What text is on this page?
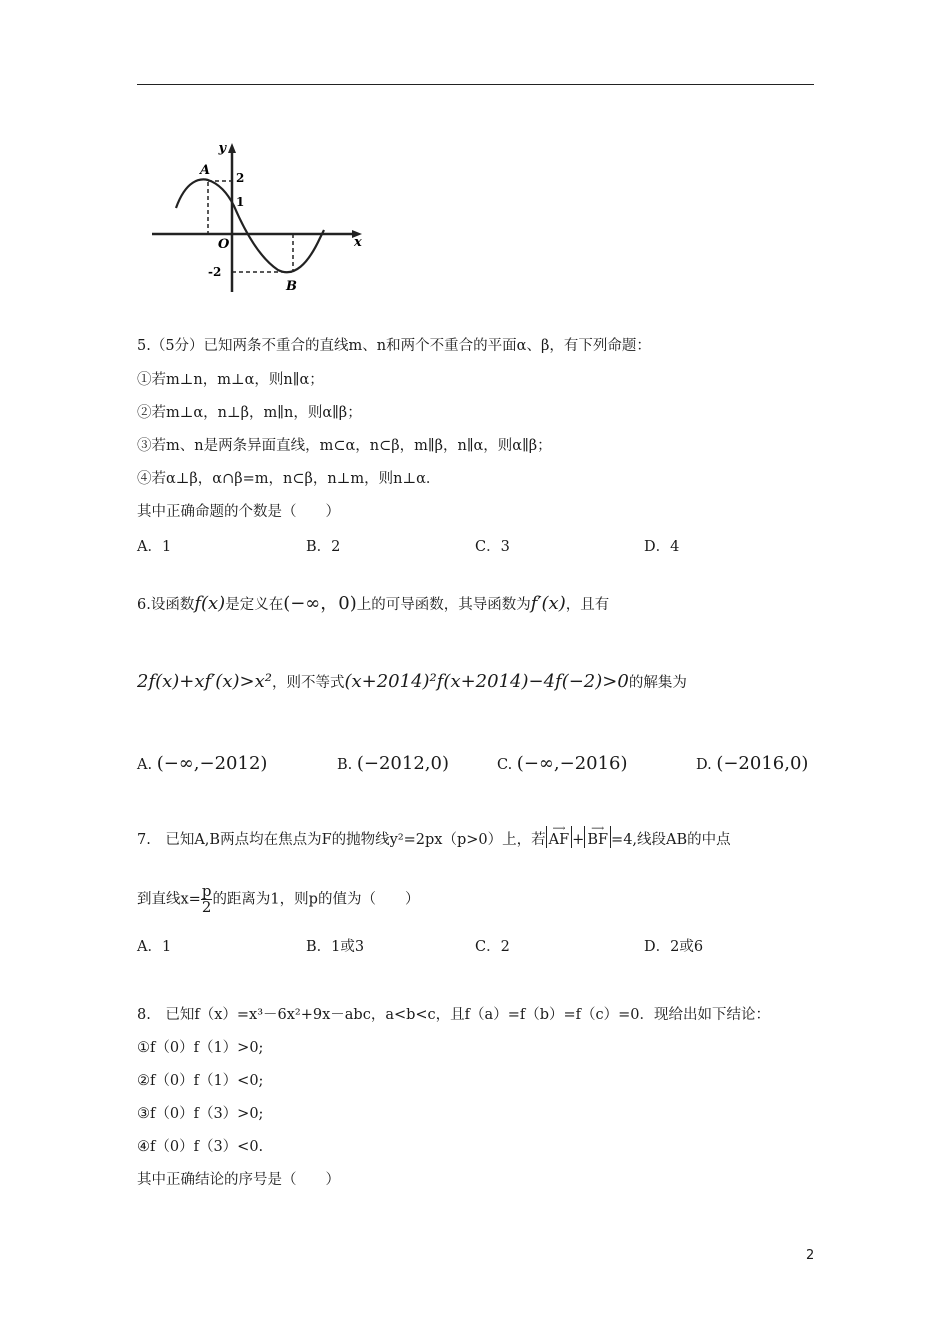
y
x
O
A
B
2
1
-2
5.（5分）已知两条不重合的直线m、n和两个不重合的平面α、β，有下列命题：
①若m⊥n，m⊥α，则n∥α；
②若m⊥α，n⊥β，m∥n，则α∥β；
③若m、n是两条异面直线，m⊂α，n⊂β，m∥β，n∥α，则α∥β；
④若α⊥β，α∩β=m，n⊂β，n⊥m，则n⊥α．
其中正确命题的个数是（　　）
A．1	B．2	C．3	D．4
6.设函数f(x)是定义在(−∞，0)上的可导函数，其导函数为f′(x)，且有
2f(x)+xf′(x)>x²，则不等式(x+2014)²f(x+2014)−4f(−2)>0的解集为
A. (−∞,−2012)	B. (−2012,0)	C. (−∞,−2016)	D. (−2016,0)
7.　已知A,B两点均在焦点为F的抛物线y²=2px（p>0）上，若
⟶
AF +
⟶
BF =4,线段AB的中点
到直线$x= \frac{p}{2}$ 的距离为1，则p的值为（　　）
A．1	B．1或3	C．2	D．2或6
8.　已知f（x）=x³－6x²+9x－abc，a<b<c，且f（a）=f（b）=f（c）=0．现给出如下结论：
①f（0）f（1）>0;
②f（0）f（1）<0;
③f（0）f（3）>0;
④f（0）f（3）<0.
其中正确结论的序号是（　　）
2
